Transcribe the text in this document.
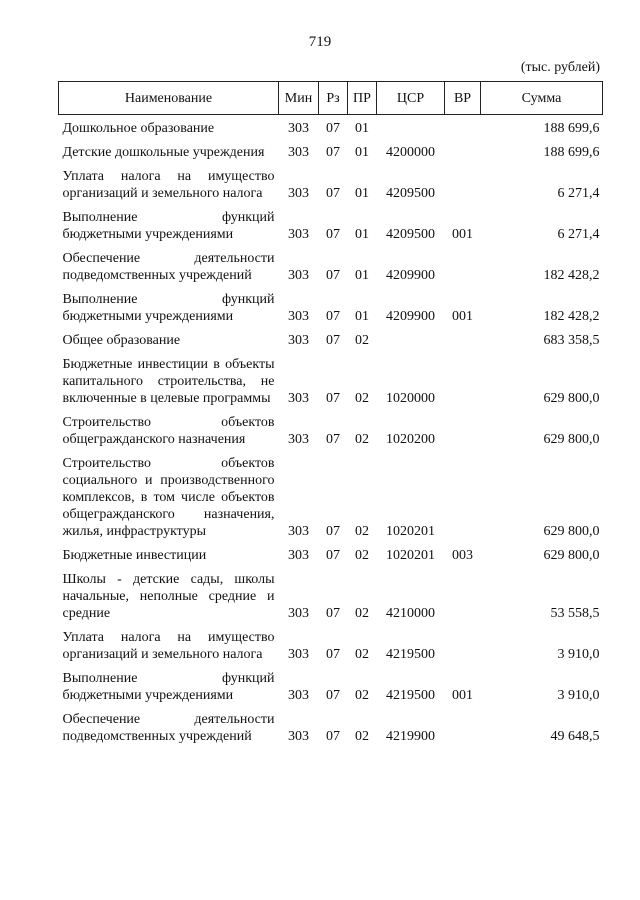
719
(тыс. рублей)
Наименование	Мин	Рз	ПР	ЦСР	ВР	Сумма
Дошкольное образование	303	07	01			188 699,6
Детские дошкольные учреждения	303	07	01	4200000		188 699,6
Уплата налога на имущество организаций и земельного налога	303	07	01	4209500		6 271,4
Выполнение функций бюджетными учреждениями	303	07	01	4209500	001	6 271,4
Обеспечение деятельности подведомственных учреждений	303	07	01	4209900		182 428,2
Выполнение функций бюджетными учреждениями	303	07	01	4209900	001	182 428,2
Общее образование	303	07	02			683 358,5
Бюджетные инвестиции в объекты капитального строительства, не включенные в целевые программы	303	07	02	1020000		629 800,0
Строительство объектов общегражданского назначения	303	07	02	1020200		629 800,0
Строительство объектов социального и производственного комплексов, в том числе объектов общегражданского назначения, жилья, инфраструктуры	303	07	02	1020201		629 800,0
Бюджетные инвестиции	303	07	02	1020201	003	629 800,0
Школы - детские сады, школы начальные, неполные средние и средние	303	07	02	4210000		53 558,5
Уплата налога на имущество организаций и земельного налога	303	07	02	4219500		3 910,0
Выполнение функций бюджетными учреждениями	303	07	02	4219500	001	3 910,0
Обеспечение деятельности подведомственных учреждений	303	07	02	4219900		49 648,5
